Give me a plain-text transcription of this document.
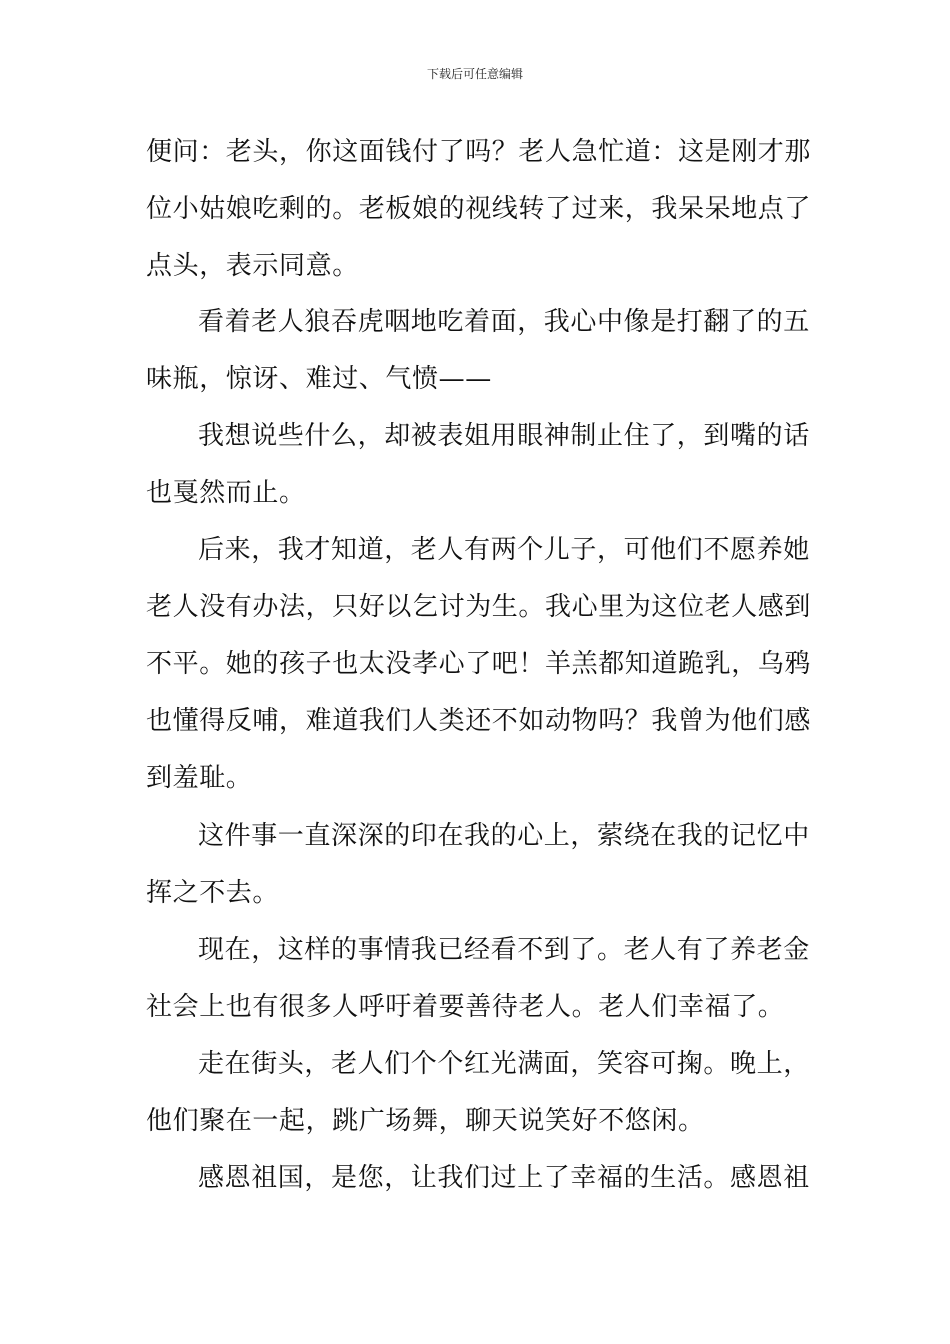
下载后可任意编辑
便问：老头，你这面钱付了吗？老人急忙道：这是刚才那
位小姑娘吃剩的。老板娘的视线转了过来，我呆呆地点了
点头，表示同意。
看着老人狼吞虎咽地吃着面，我心中像是打翻了的五
味瓶，惊讶、难过、气愤——
我想说些什么，却被表姐用眼神制止住了，到嘴的话
也戛然而止。
后来，我才知道，老人有两个儿子，可他们不愿养她
老人没有办法，只好以乞讨为生。我心里为这位老人感到
不平。她的孩子也太没孝心了吧！羊羔都知道跪乳，乌鸦
也懂得反哺，难道我们人类还不如动物吗？我曾为他们感
到羞耻。
这件事一直深深的印在我的心上，萦绕在我的记忆中
挥之不去。
现在，这样的事情我已经看不到了。老人有了养老金
社会上也有很多人呼吁着要善待老人。老人们幸福了。
走在街头，老人们个个红光满面，笑容可掬。晚上，
他们聚在一起，跳广场舞，聊天说笑好不悠闲。
感恩祖国，是您，让我们过上了幸福的生活。感恩祖
